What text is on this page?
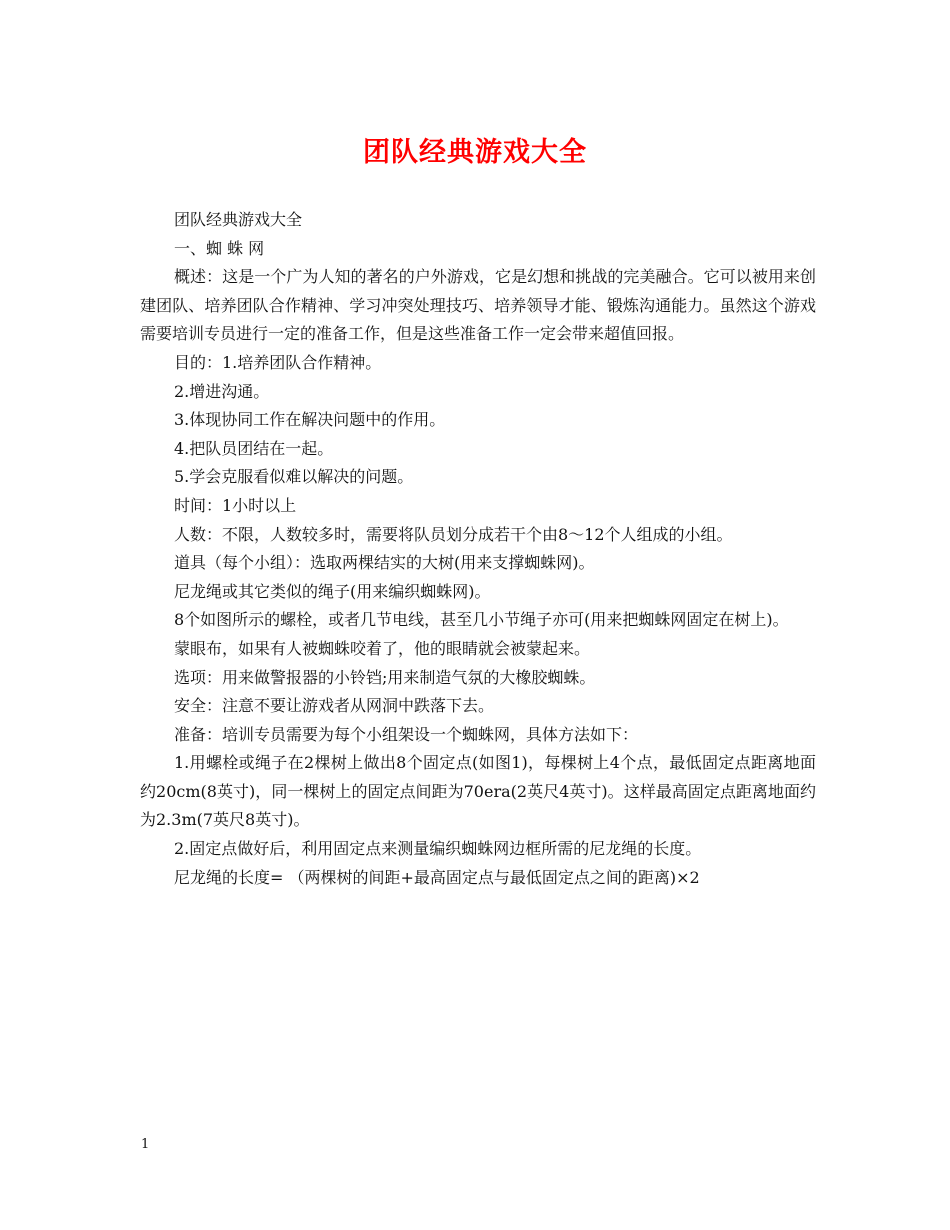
团队经典游戏大全

团队经典游戏大全

一、蜘 蛛 网

概述：这是一个广为人知的著名的户外游戏，它是幻想和挑战的完美融合。它可以被用来创建团队、培养团队合作精神、学习冲突处理技巧、培养领导才能、锻炼沟通能力。虽然这个游戏需要培训专员进行一定的准备工作，但是这些准备工作一定会带来超值回报。

目的：1.培养团队合作精神。

2.增进沟通。

3.体现协同工作在解决问题中的作用。

4.把队员团结在一起。

5.学会克服看似难以解决的问题。

时间：1小时以上

人数：不限，人数较多时，需要将队员划分成若干个由8～12个人组成的小组。

道具（每个小组）：选取两棵结实的大树(用来支撑蜘蛛网)。

尼龙绳或其它类似的绳子(用来编织蜘蛛网)。

8个如图所示的螺栓，或者几节电线，甚至几小节绳子亦可(用来把蜘蛛网固定在树上)。

蒙眼布，如果有人被蜘蛛咬着了，他的眼睛就会被蒙起来。

选项：用来做警报器的小铃铛;用来制造气氛的大橡胶蜘蛛。

安全：注意不要让游戏者从网洞中跌落下去。

准备：培训专员需要为每个小组架设一个蜘蛛网，具体方法如下：

1.用螺栓或绳子在2棵树上做出8个固定点(如图1)，每棵树上4个点，最低固定点距离地面约20cm(8英寸)，同一棵树上的固定点间距为70era(2英尺4英寸)。这样最高固定点距离地面约为2.3m(7英尺8英寸)。

2.固定点做好后，利用固定点来测量编织蜘蛛网边框所需的尼龙绳的长度。

尼龙绳的长度= （两棵树的间距+最高固定点与最低固定点之间的距离)×2

1
